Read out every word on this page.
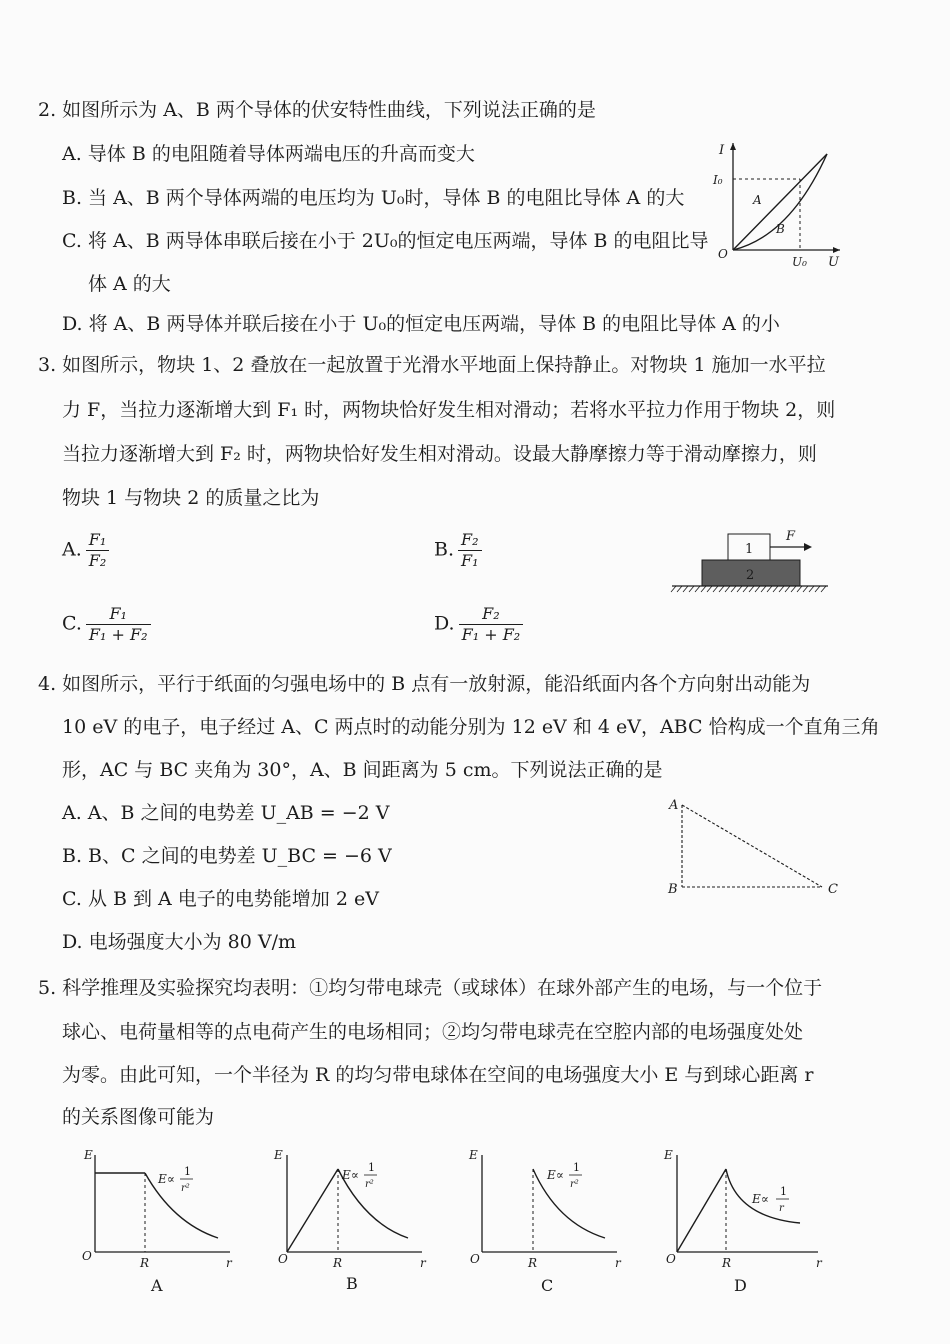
2. 如图所示为 A、B 两个导体的伏安特性曲线，下列说法正确的是
A. 导体 B 的电阻随着导体两端电压的升高而变大
B. 当 A、B 两个导体两端的电压均为 U₀时，导体 B 的电阻比导体 A 的大
C. 将 A、B 两导体串联后接在小于 2U₀的恒定电压两端，导体 B 的电阻比导
体 A 的大
D. 将 A、B 两导体并联后接在小于 U₀的恒定电压两端，导体 B 的电阻比导体 A 的小
I
U
I₀
U₀
O
A
B
3. 如图所示，物块 1、2 叠放在一起放置于光滑水平地面上保持静止。对物块 1 施加一水平拉
力 F，当拉力逐渐增大到 F₁ 时，两物块恰好发生相对滑动；若将水平拉力作用于物块 2，则
当拉力逐渐增大到 F₂ 时，两物块恰好发生相对滑动。设最大静摩擦力等于滑动摩擦力，则
物块 1 与物块 2 的质量之比为
A. $\frac{\text{F₁}}{\text{F₂}}$	B. $\frac{\text{F₂}}{\text{F₁}}$
C. $\frac{\text{F₁}}{\text{F₁ + F₂}}$	D. $\frac{\text{F₂}}{\text{F₁ + F₂}}$
1
2
F
4. 如图所示，平行于纸面的匀强电场中的 B 点有一放射源，能沿纸面内各个方向射出动能为
10 eV 的电子，电子经过 A、C 两点时的动能分别为 12 eV 和 4 eV，ABC 恰构成一个直角三角
形，AC 与 BC 夹角为 30°，A、B 间距离为 5 cm。下列说法正确的是
A. A、B 之间的电势差 U_AB = −2 V
B. B、C 之间的电势差 U_BC = −6 V
C. 从 B 到 A 电子的电势能增加 2 eV
D. 电场强度大小为 80 V/m
A
B	C
5. 科学推理及实验探究均表明：①均匀带电球壳（或球体）在球外部产生的电场，与一个位于
球心、电荷量相等的点电荷产生的电场相同；②均匀带电球壳在空腔内部的电场强度处处
为零。由此可知，一个半径为 R 的均匀带电球体在空间的电场强度大小 E 与到球心距离 r
的关系图像可能为
E
O	R	r
E∝
1
r²
A
E
O	R	r
E∝
1
r²
B
E
O	R	r
E∝
1
r²
C
E
O	R	r
E∝
1
r
D
